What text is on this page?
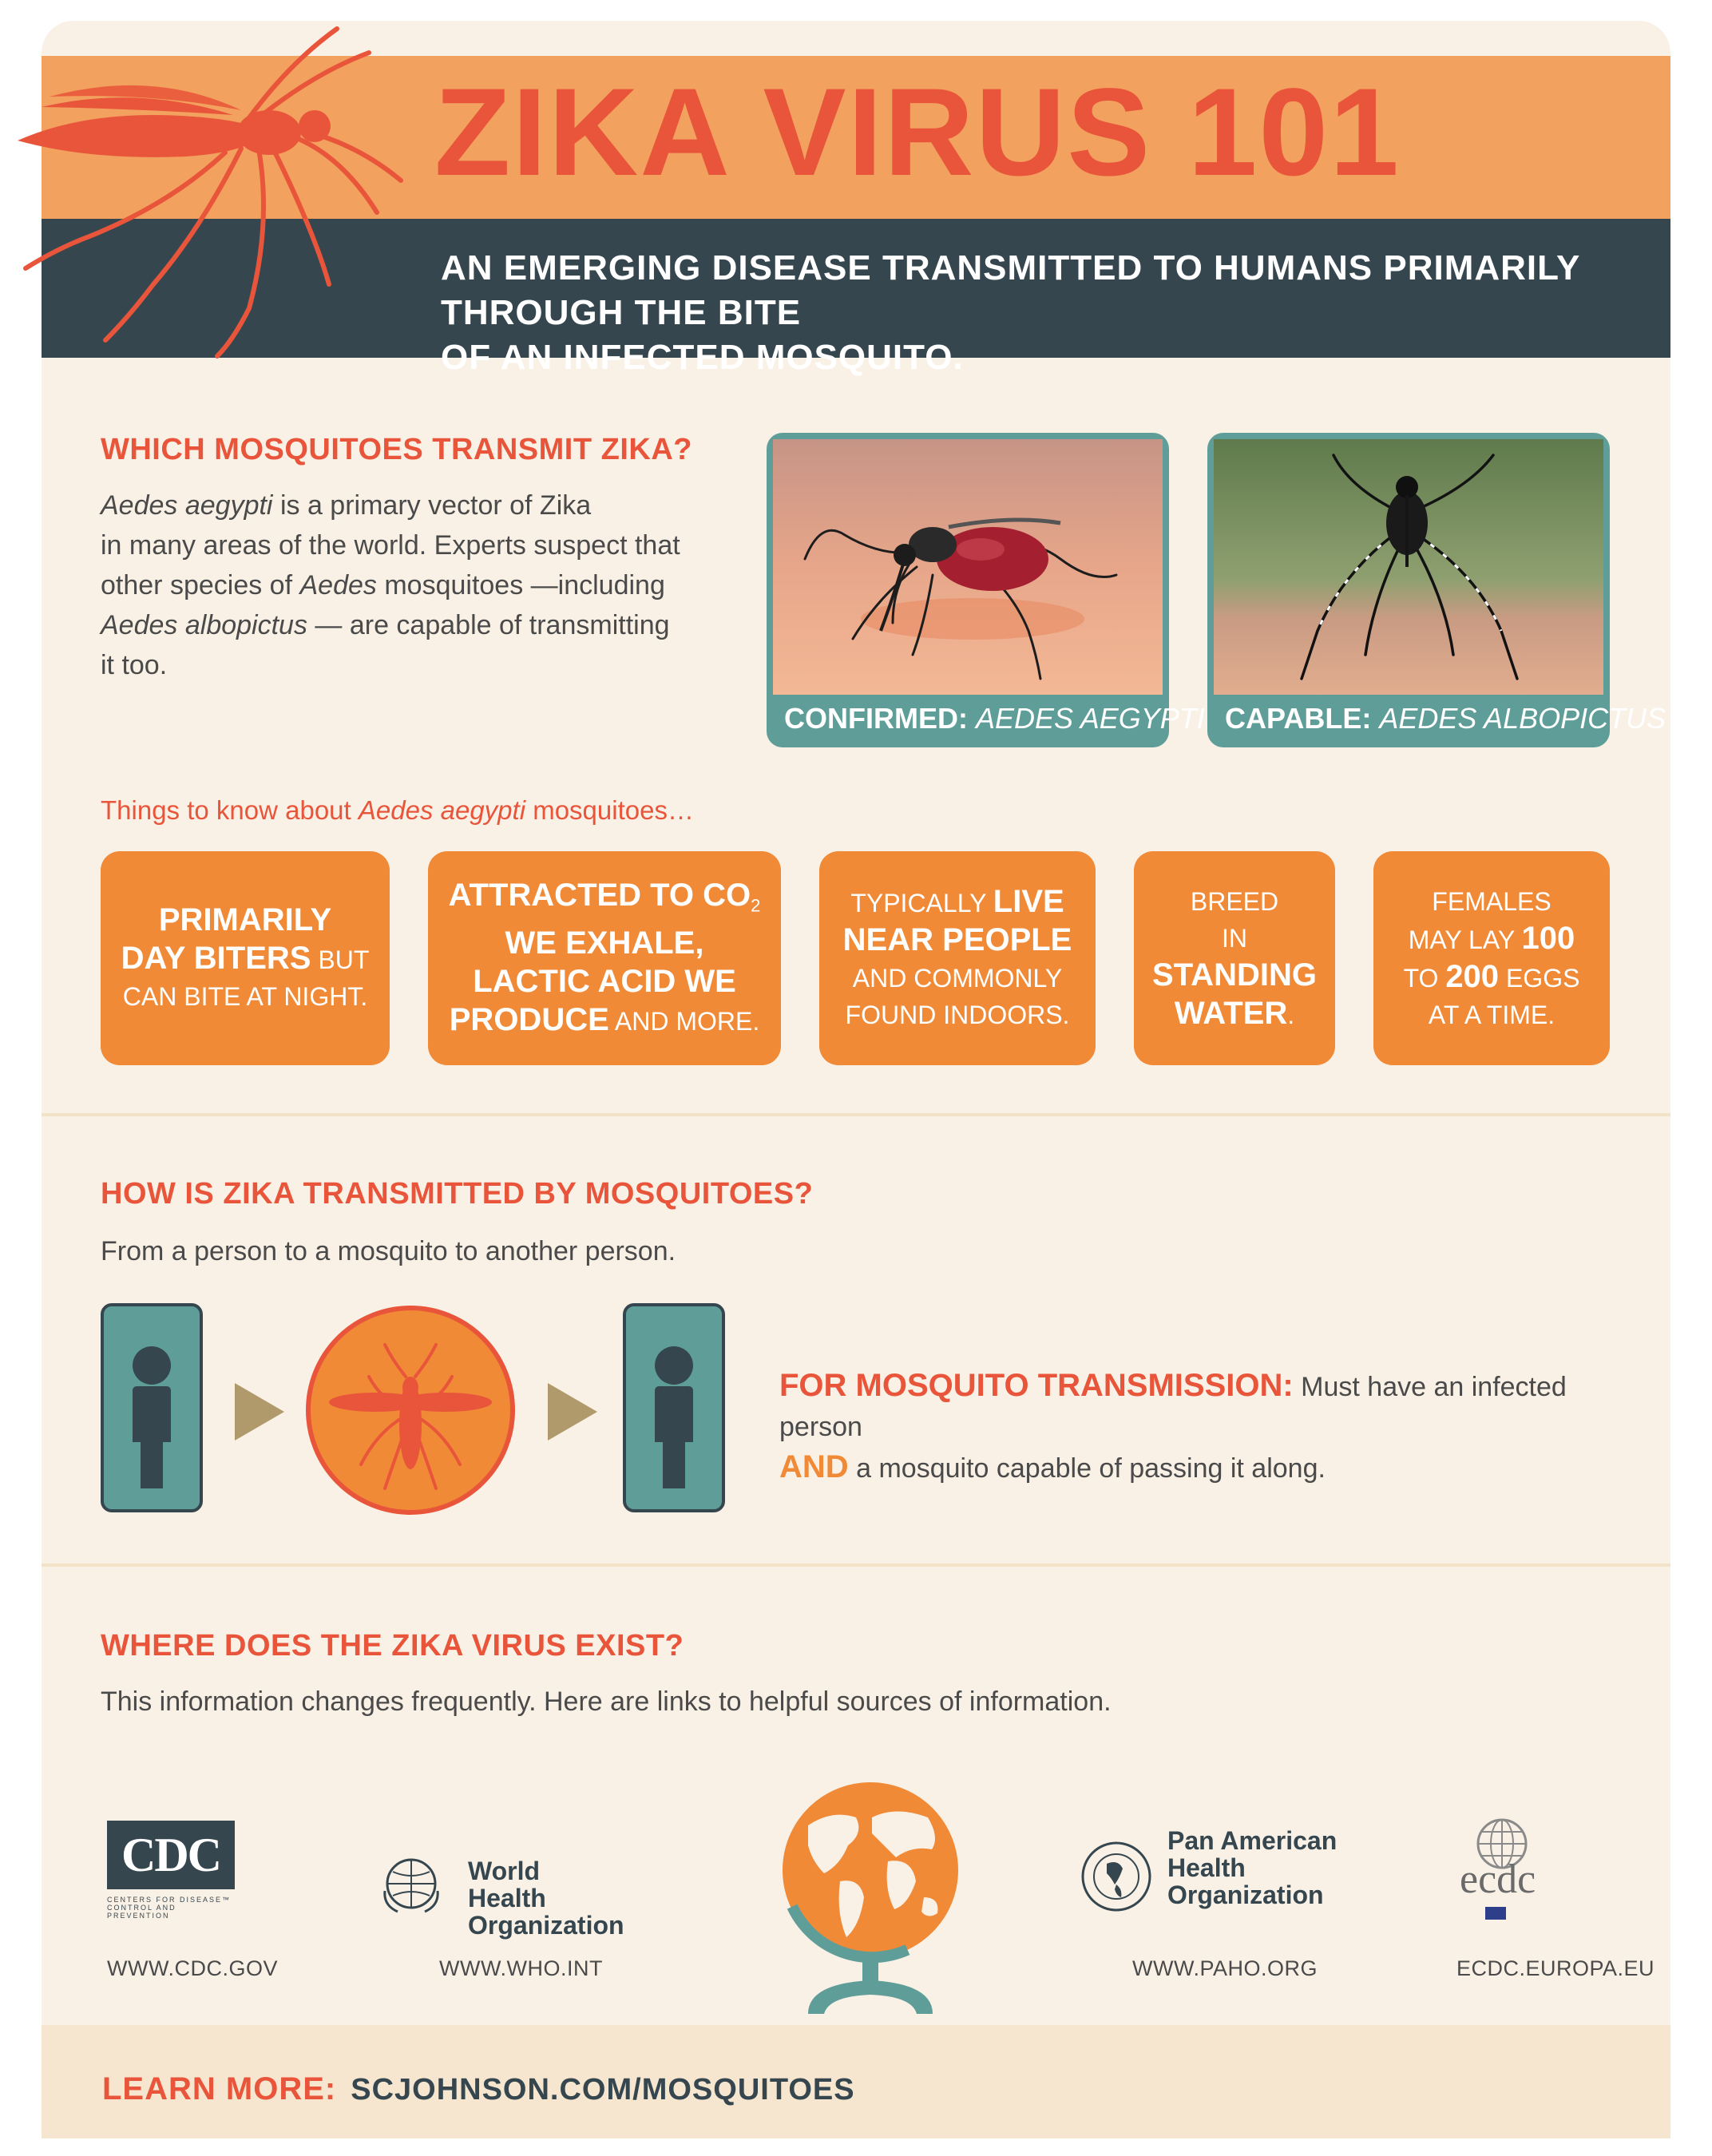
ZIKA VIRUS 101
AN EMERGING DISEASE TRANSMITTED TO HUMANS PRIMARILY THROUGH THE BITE
OF AN INFECTED MOSQUITO.
WHICH MOSQUITOES TRANSMIT ZIKA?
Aedes aegypti is a primary vector of Zika
in many areas of the world. Experts suspect that
other species of Aedes mosquitoes —including
Aedes albopictus — are capable of transmitting
it too.
CONFIRMED: AEDES AEGYPTI CAPABLE: AEDES ALBOPICTUS
Things to know about Aedes aegypti mosquitoes…
PRIMARILY
DAY BITERS BUT
CAN BITE AT NIGHT.
ATTRACTED TO $CO_2$
WE EXHALE,
LACTIC ACID WE
PRODUCE AND MORE.
TYPICALLY LIVE
NEAR PEOPLE
AND COMMONLY
FOUND INDOORS.
BREED
IN
STANDING
WATER.
FEMALES
MAY LAY 100
TO 200 EGGS
AT A TIME.
HOW IS ZIKA TRANSMITTED BY MOSQUITOES?
From a person to a mosquito to another person.
FOR MOSQUITO TRANSMISSION: Must have an infected person
AND a mosquito capable of passing it along.
WHERE DOES THE ZIKA VIRUS EXIST?
This information changes frequently. Here are links to helpful sources of information.
CDC
CENTERS FOR DISEASE™
CONTROL AND PREVENTION
WWW.CDC.GOV
World Health
Organization
WWW.WHO.INT
Pan American
Health
Organization
WWW.PAHO.ORG
ecdc
ECDC.EUROPA.EU
LEARN MORE: SCJOHNSON.COM/MOSQUITOES
